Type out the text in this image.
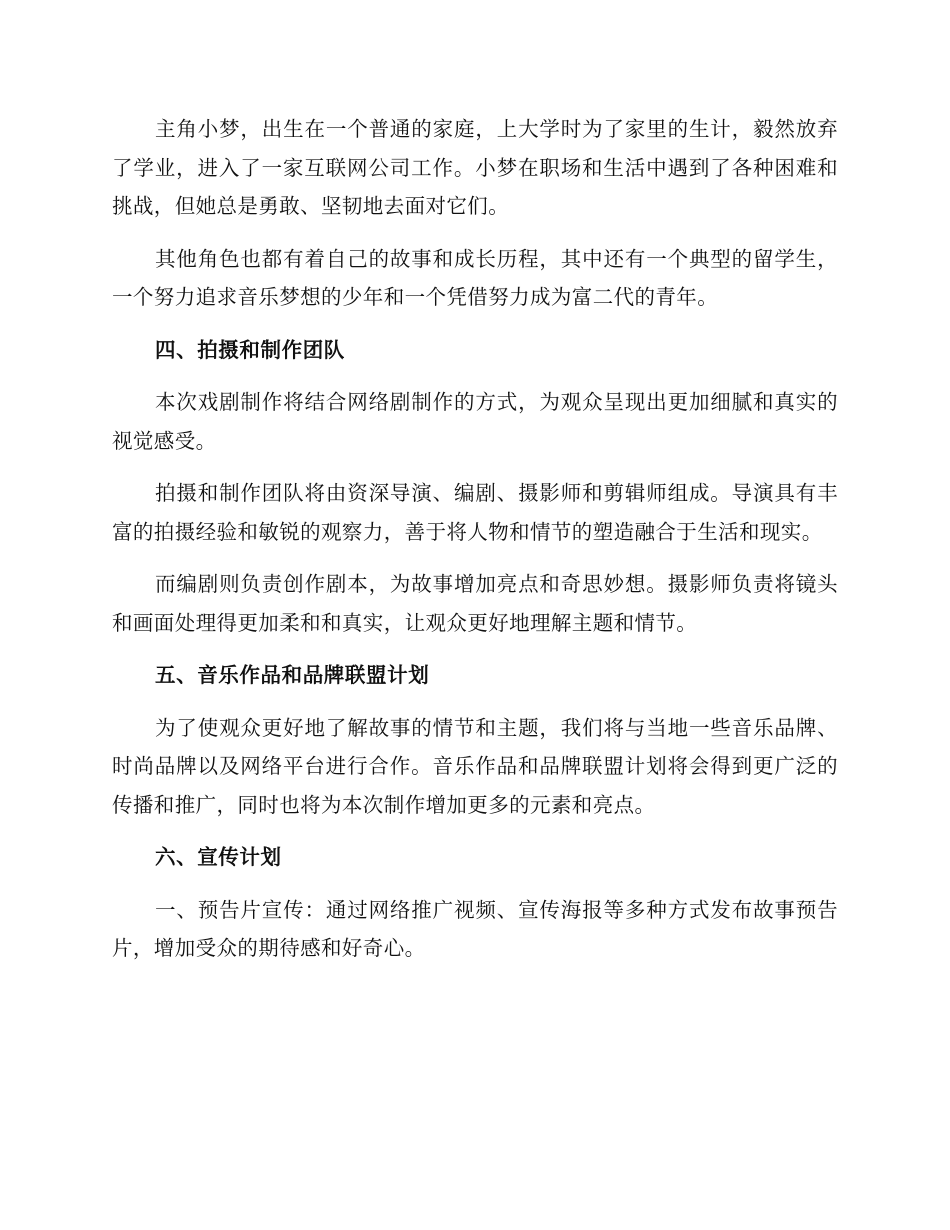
主角小梦，出生在一个普通的家庭，上大学时为了家里的生计，毅然放弃了学业，进入了一家互联网公司工作。小梦在职场和生活中遇到了各种困难和挑战，但她总是勇敢、坚韧地去面对它们。

其他角色也都有着自己的故事和成长历程，其中还有一个典型的留学生，一个努力追求音乐梦想的少年和一个凭借努力成为富二代的青年。

四、拍摄和制作团队

本次戏剧制作将结合网络剧制作的方式，为观众呈现出更加细腻和真实的视觉感受。

拍摄和制作团队将由资深导演、编剧、摄影师和剪辑师组成。导演具有丰富的拍摄经验和敏锐的观察力，善于将人物和情节的塑造融合于生活和现实。

而编剧则负责创作剧本，为故事增加亮点和奇思妙想。摄影师负责将镜头和画面处理得更加柔和和真实，让观众更好地理解主题和情节。

五、音乐作品和品牌联盟计划

为了使观众更好地了解故事的情节和主题，我们将与当地一些音乐品牌、时尚品牌以及网络平台进行合作。音乐作品和品牌联盟计划将会得到更广泛的传播和推广，同时也将为本次制作增加更多的元素和亮点。

六、宣传计划

一、预告片宣传：通过网络推广视频、宣传海报等多种方式发布故事预告片，增加受众的期待感和好奇心。
